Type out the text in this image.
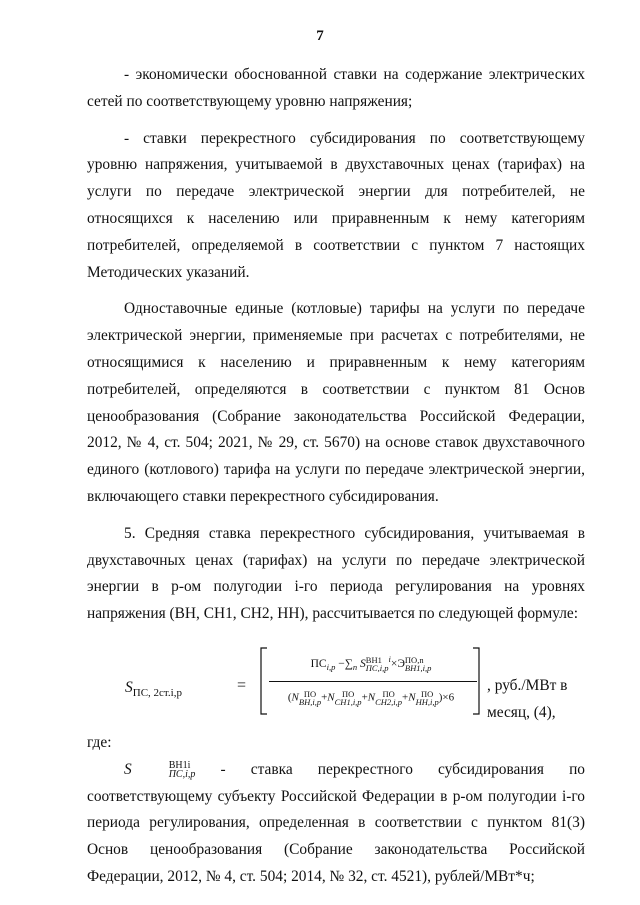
7

- экономически обоснованной ставки на содержание электрических сетей по соответствующему уровню напряжения;

- ставки перекрестного субсидирования по соответствующему уровню напряжения, учитываемой в двухставочных ценах (тарифах) на услуги по передаче электрической энергии для потребителей, не относящихся к населению или приравненным к нему категориям потребителей, определяемой в соответствии с пунктом 7 настоящих Методических указаний.

Одноставочные единые (котловые) тарифы на услуги по передаче электрической энергии, применяемые при расчетах с потребителями, не относящимися к населению и приравненным к нему категориям потребителей, определяются в соответствии с пунктом 81 Основ ценообразования (Собрание законодательства Российской Федерации, 2012, № 4, ст. 504; 2021, № 29, ст. 5670) на основе ставок двухставочного единого (котлового) тарифа на услуги по передаче электрической энергии, включающего ставки перекрестного субсидирования.

5. Средняя ставка перекрестного субсидирования, учитываемая в двухставочных ценах (тарифах) на услуги по передаче электрической энергии в р-ом полугодии i-го периода регулирования на уровнях напряжения (ВН, СН1, СН2, НН), рассчитывается по следующей формуле:

$S_{ПС, 2ст.i,p}$	=
$ПС_{i,p} -\sum_n$ S ВН1
ПС,i,p
$^i$×Э ПО,n
ВН1,i,p
(N ПО
ВН,i,p +N ПО
СН1,i,p +N ПО
СН2,i,p +N ПО
НН,i,p )×6
, руб./МВт в месяц, (4),

где:

S	ВН1i
ПС,i,p - ставка перекрестного субсидирования по соответствующему субъекту Российской Федерации в р-ом полугодии i-го периода регулирования, определенная в соответствии с пунктом 81(3) Основ ценообразования (Собрание законодательства Российской Федерации, 2012, № 4, ст. 504; 2014, № 32, ст. 4521), рублей/МВт*ч;
